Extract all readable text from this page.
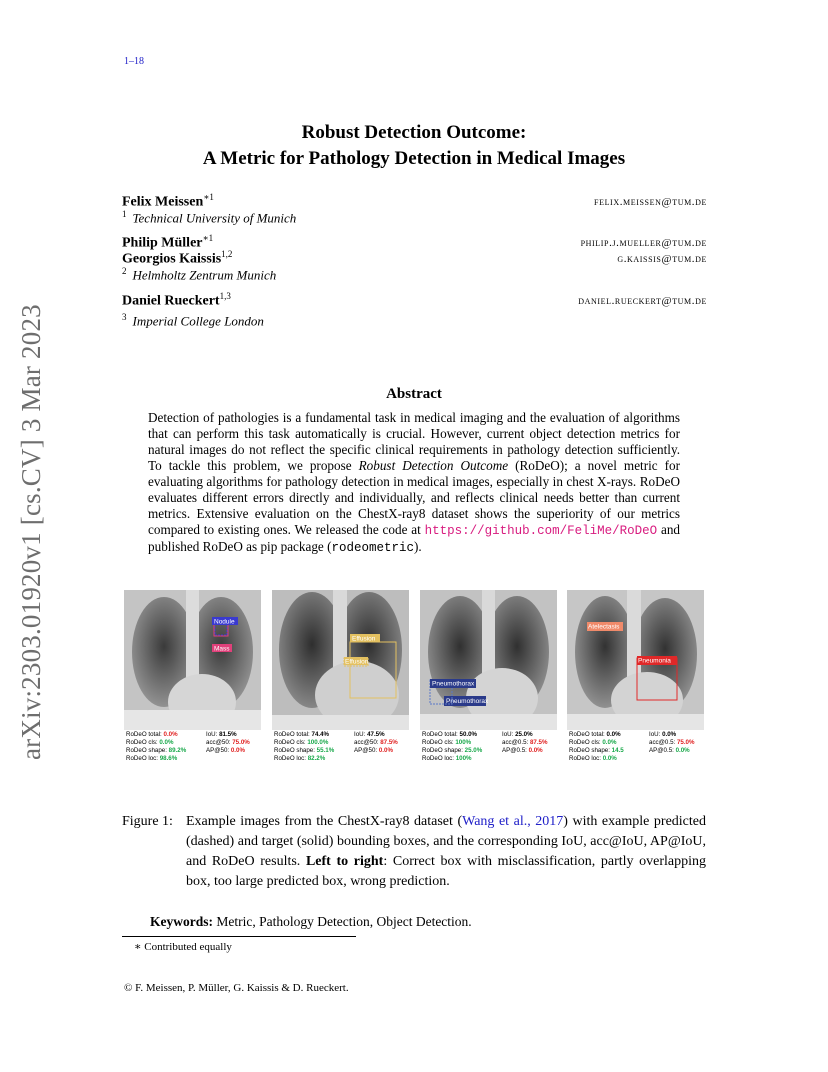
1–18
arXiv:2303.01920v1 [cs.CV] 3 Mar 2023
Robust Detection Outcome:
A Metric for Pathology Detection in Medical Images
Felix Meissen$^{∗1}$	felix.meissen@tum.de
$^1$ Technical University of Munich
Philip Müller$^{∗1}$	philip.j.mueller@tum.de
Georgios Kaissis$^{1,2}$	g.kaissis@tum.de
$^2$ Helmholtz Zentrum Munich
Daniel Rueckert$^{1,3}$	daniel.rueckert@tum.de
$^3$ Imperial College London
Abstract
Detection of pathologies is a fundamental task in medical imaging and the evaluation of algorithms that can perform this task automatically is crucial. However, current object detection metrics for natural images do not reflect the specific clinical requirements in pathology detection sufficiently. To tackle this problem, we propose Robust Detection Outcome (RoDeO); a novel metric for evaluating algorithms for pathology detection in medical images, especially in chest X-rays. RoDeO evaluates different errors directly and individually, and reflects clinical needs better than current metrics. Extensive evaluation on the ChestX-ray8 dataset shows the superiority of our metrics compared to existing ones. We released the code at https://github.com/FeliMe/RoDeO and published RoDeO as pip package (rodeometric).
Nodule
Mass
RoDeO total: 0.0%	IoU: 81.5%
RoDeO cls: 0.0%	acc@50: 75.0%
RoDeO shape: 89.2%	AP@50: 0.0%
RoDeO loc: 98.6%
Effusion
Effusion
RoDeO total: 74.4%	IoU: 47.5%
RoDeO cls: 100.0%	acc@50: 87.5%
RoDeO shape: 55.1%	AP@50: 0.0%
RoDeO loc: 82.2%
Pneumothorax
Pneumothorax
RoDeO total: 50.0%	IoU: 25.0%
RoDeO cls: 100%	acc@0.5: 87.5%
RoDeO shape: 25.0%	AP@0.5: 0.0%
RoDeO loc: 100%
Pneumonia
Atelectasis
RoDeO total: 0.0%	IoU: 0.0%
RoDeO cls: 0.0%	acc@0.5: 75.0%
RoDeO shape: 14.5	AP@0.5: 0.0%
RoDeO loc: 0.0%
Figure 1: Example images from the ChestX-ray8 dataset (Wang et al., 2017) with example predicted (dashed) and target (solid) bounding boxes, and the corresponding IoU, acc@IoU, AP@IoU, and RoDeO results. Left to right: Correct box with misclassification, partly overlapping box, too large predicted box, wrong prediction.
Keywords: Metric, Pathology Detection, Object Detection.
∗ Contributed equally
© F. Meissen, P. Müller, G. Kaissis & D. Rueckert.
